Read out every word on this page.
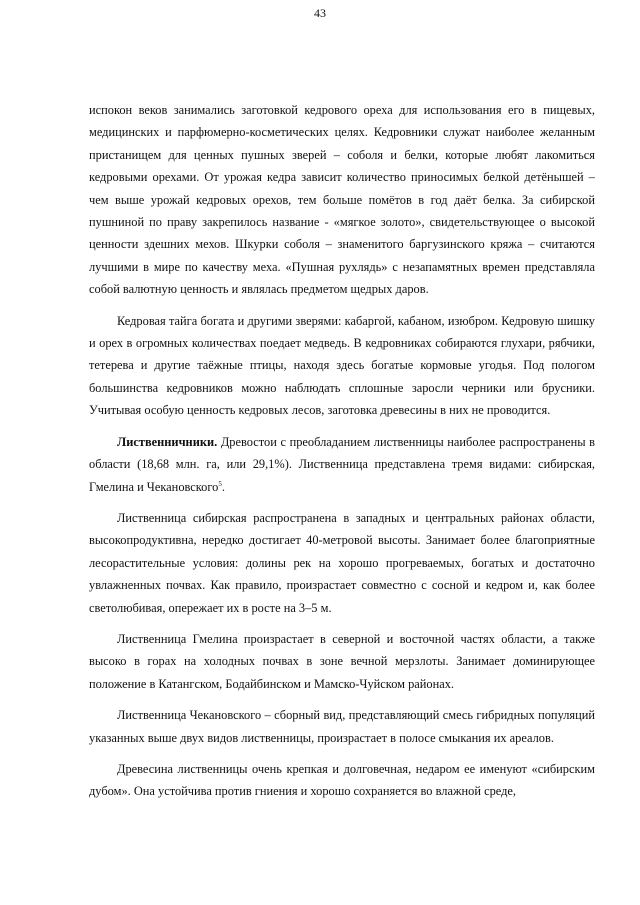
43

испокон веков занимались заготовкой кедрового ореха для использования его в пищевых, медицинских и парфюмерно-косметических целях. Кедровники служат наиболее желанным пристанищем для ценных пушных зверей – соболя и белки, которые любят лакомиться кедровыми орехами. От урожая кедра зависит количество приносимых белкой детёнышей – чем выше урожай кедровых орехов, тем больше помётов в год даёт белка. За сибирской пушниной по праву закрепилось название - «мягкое золото», свидетельствующее о высокой ценности здешних мехов. Шкурки соболя – знаменитого баргузинского кряжа – считаются лучшими в мире по качеству меха. «Пушная рухлядь» с незапамятных времен представляла собой валютную ценность и являлась предметом щедрых даров.

Кедровая тайга богата и другими зверями: кабаргой, кабаном, изюбром. Кедровую шишку и орех в огромных количествах поедает медведь. В кедровниках собираются глухари, рябчики, тетерева и другие таёжные птицы, находя здесь богатые кормовые угодья. Под пологом большинства кедровников можно наблюдать сплошные заросли черники или брусники. Учитывая особую ценность кедровых лесов, заготовка древесины в них не проводится.

Лиственничники. Древостои с преобладанием лиственницы наиболее распространены в области (18,68 млн. га, или 29,1%). Лиственница представлена тремя видами: сибирская, Гмелина и Чекановского$^5$.

Лиственница сибирская распространена в западных и центральных районах области, высокопродуктивна, нередко достигает 40-метровой высоты. Занимает более благоприятные лесорастительные условия: долины рек на хорошо прогреваемых, богатых и достаточно увлажненных почвах. Как правило, произрастает совместно с сосной и кедром и, как более светолюбивая, опережает их в росте на 3–5 м.

Лиственница Гмелина произрастает в северной и восточной частях области, а также высоко в горах на холодных почвах в зоне вечной мерзлоты. Занимает доминирующее положение в Катангском, Бодайбинском и Мамско-Чуйском районах.

Лиственница Чекановского – сборный вид, представляющий смесь гибридных популяций указанных выше двух видов лиственницы, произрастает в полосе смыкания их ареалов.

Древесина лиственницы очень крепкая и долговечная, недаром ее именуют «сибирским дубом». Она устойчива против гниения и хорошо сохраняется во влажной среде,
